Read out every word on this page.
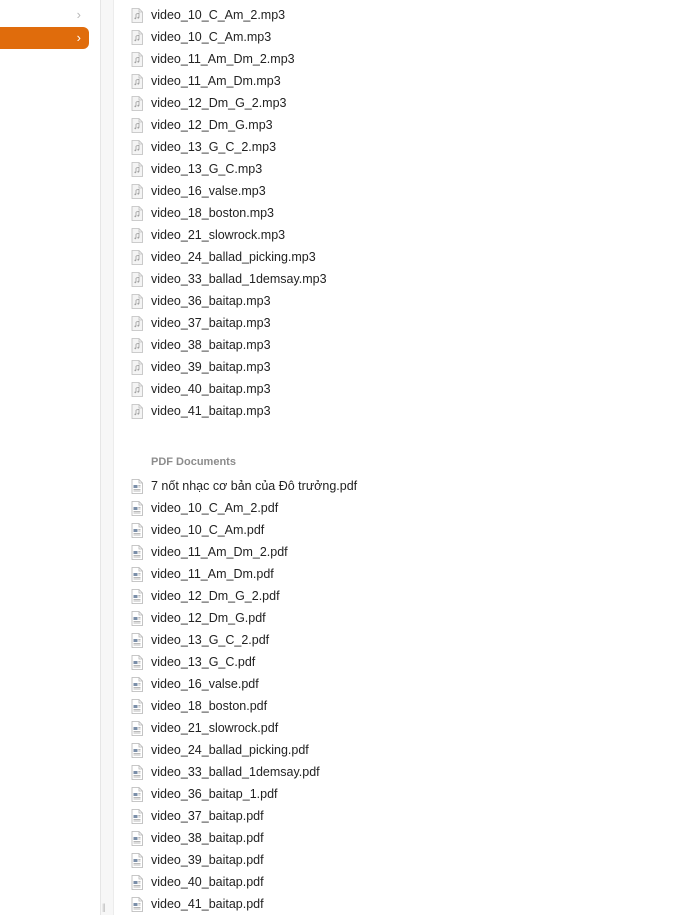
›
›
||
PDF Documents
video_10_C_Am_2.mp3
video_10_C_Am.mp3
video_11_Am_Dm_2.mp3
video_11_Am_Dm.mp3
video_12_Dm_G_2.mp3
video_12_Dm_G.mp3
video_13_G_C_2.mp3
video_13_G_C.mp3
video_16_valse.mp3
video_18_boston.mp3
video_21_slowrock.mp3
video_24_ballad_picking.mp3
video_33_ballad_1demsay.mp3
video_36_baitap.mp3
video_37_baitap.mp3
video_38_baitap.mp3
video_39_baitap.mp3
video_40_baitap.mp3
video_41_baitap.mp3
7 nốt nhạc cơ bản của Đô trưởng.pdf
video_10_C_Am_2.pdf
video_10_C_Am.pdf
video_11_Am_Dm_2.pdf
video_11_Am_Dm.pdf
video_12_Dm_G_2.pdf
video_12_Dm_G.pdf
video_13_G_C_2.pdf
video_13_G_C.pdf
video_16_valse.pdf
video_18_boston.pdf
video_21_slowrock.pdf
video_24_ballad_picking.pdf
video_33_ballad_1demsay.pdf
video_36_baitap_1.pdf
video_37_baitap.pdf
video_38_baitap.pdf
video_39_baitap.pdf
video_40_baitap.pdf
video_41_baitap.pdf
